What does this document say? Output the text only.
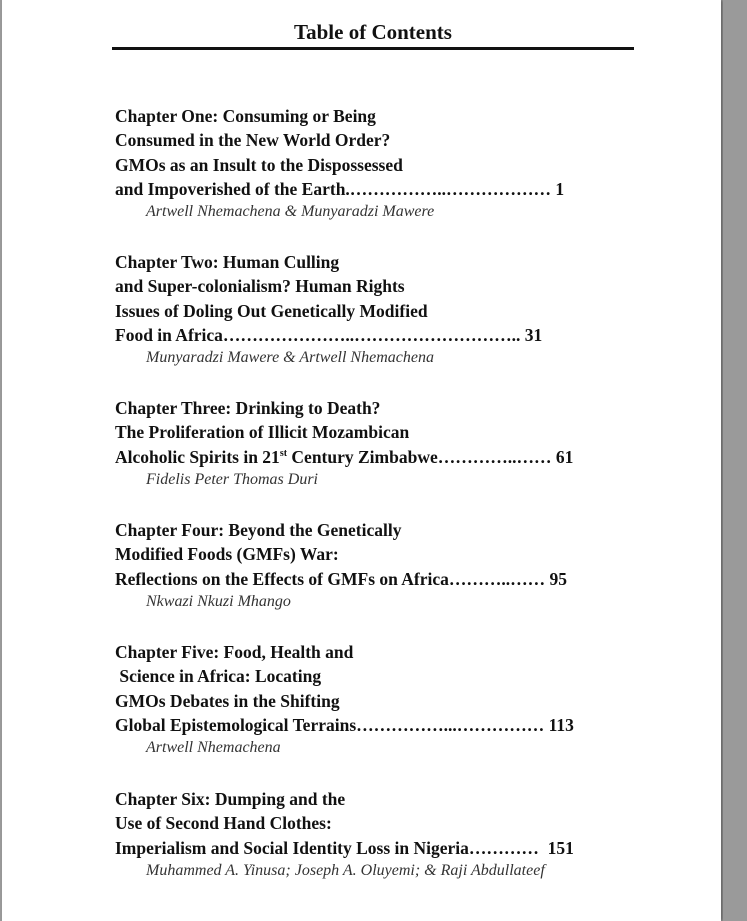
Table of Contents
Chapter One: Consuming or Being
Consumed in the New World Order?
GMOs as an Insult to the Dispossessed
and Impoverished of the Earth.……………..……………… 1
Artwell Nhemachena & Munyaradzi Mawere
Chapter Two: Human Culling
and Super-colonialism? Human Rights
Issues of Doling Out Genetically Modified
Food in Africa…………………..……………………….. 31
Munyaradzi Mawere & Artwell Nhemachena
Chapter Three: Drinking to Death?
The Proliferation of Illicit Mozambican
Alcoholic Spirits in 21st Century Zimbabwe…………..…… 61
Fidelis Peter Thomas Duri
Chapter Four: Beyond the Genetically
Modified Foods (GMFs) War:
Reflections on the Effects of GMFs on Africa………..…… 95
Nkwazi Nkuzi Mhango
Chapter Five: Food, Health and
Science in Africa: Locating
GMOs Debates in the Shifting
Global Epistemological Terrains……………...…………… 113
Artwell Nhemachena
Chapter Six: Dumping and the
Use of Second Hand Clothes:
Imperialism and Social Identity Loss in Nigeria…………  151
Muhammed A. Yinusa; Joseph A. Oluyemi; & Raji Abdullateef
